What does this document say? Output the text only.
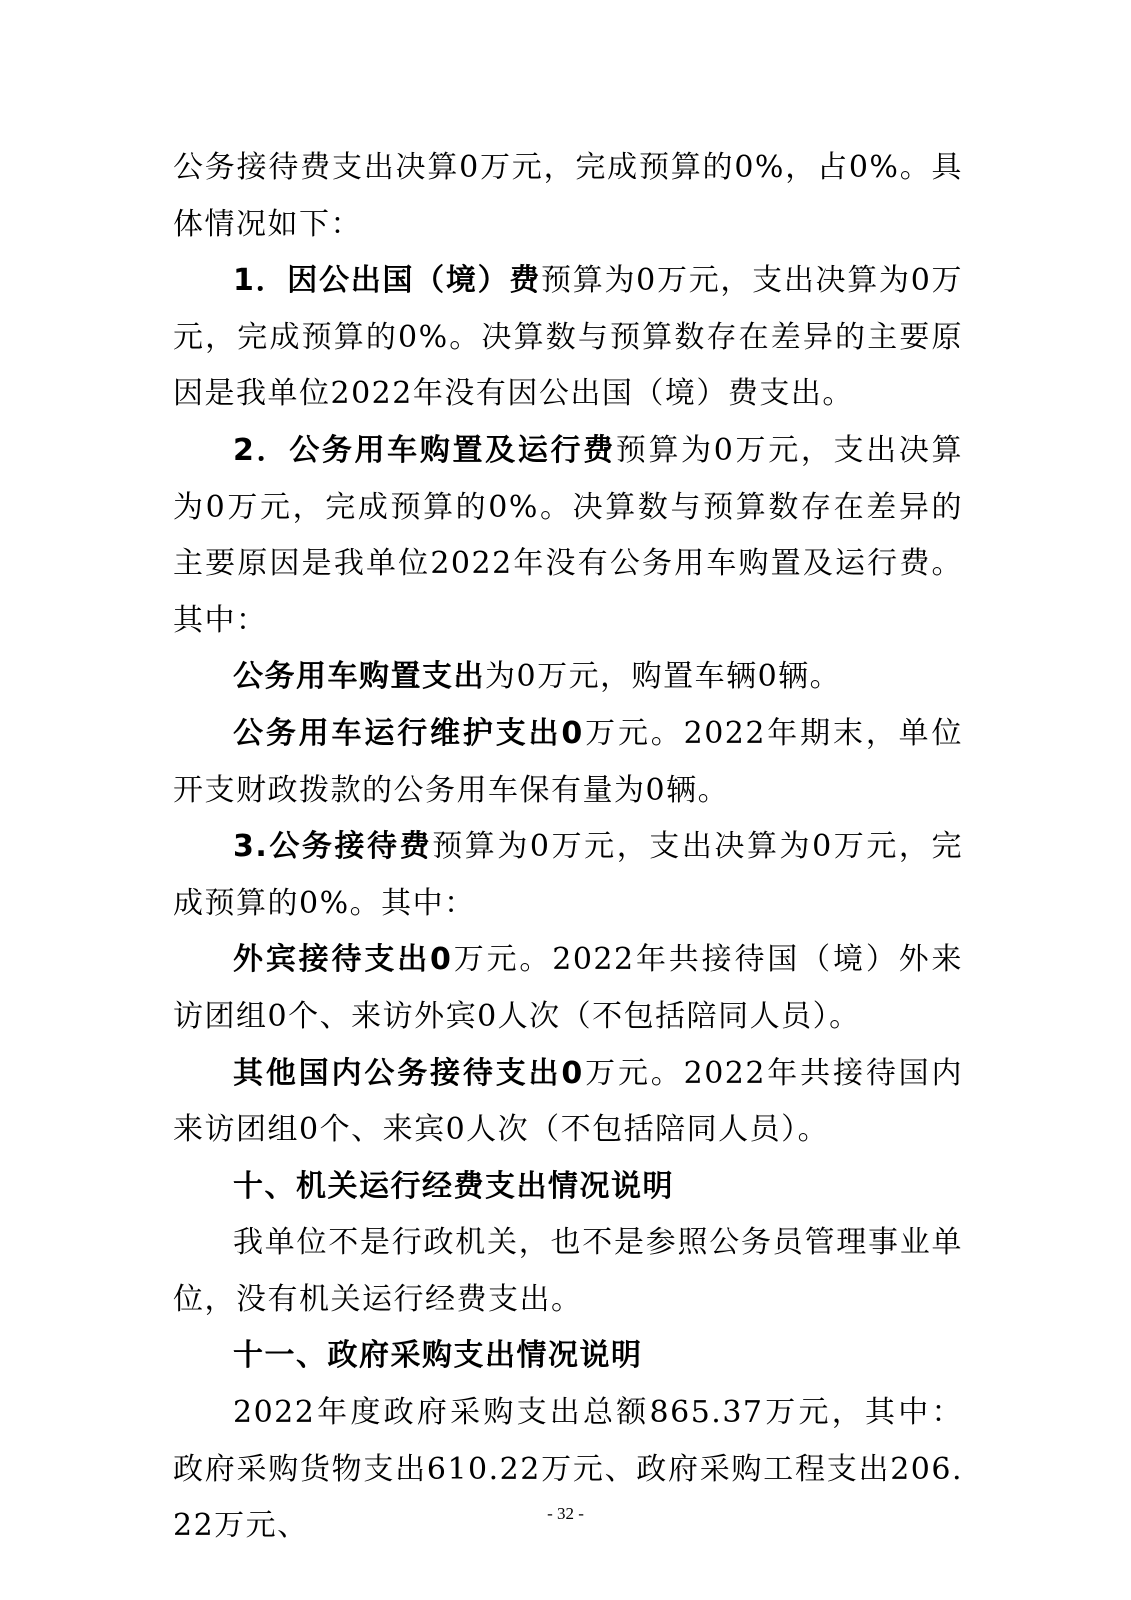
公务接待费支出决算0万元，完成预算的0%，占0%。具体情况如下：

1．因公出国（境）费预算为0万元，支出决算为0万元，完成预算的0%。决算数与预算数存在差异的主要原因是我单位2022年没有因公出国（境）费支出。

2．公务用车购置及运行费预算为0万元，支出决算为0万元，完成预算的0%。决算数与预算数存在差异的主要原因是我单位2022年没有公务用车购置及运行费。其中：

公务用车购置支出为0万元，购置车辆0辆。

公务用车运行维护支出0万元。2022年期末，单位开支财政拨款的公务用车保有量为0辆。

3.公务接待费预算为0万元，支出决算为0万元，完成预算的0%。其中：

外宾接待支出0万元。2022年共接待国（境）外来访团组0个、来访外宾0人次（不包括陪同人员）。

其他国内公务接待支出0万元。2022年共接待国内来访团组0个、来宾0人次（不包括陪同人员）。

十、机关运行经费支出情况说明

我单位不是行政机关，也不是参照公务员管理事业单位，没有机关运行经费支出。

十一、政府采购支出情况说明

2022年度政府采购支出总额865.37万元，其中：政府采购货物支出610.22万元、政府采购工程支出206.22万元、	- 32 -
